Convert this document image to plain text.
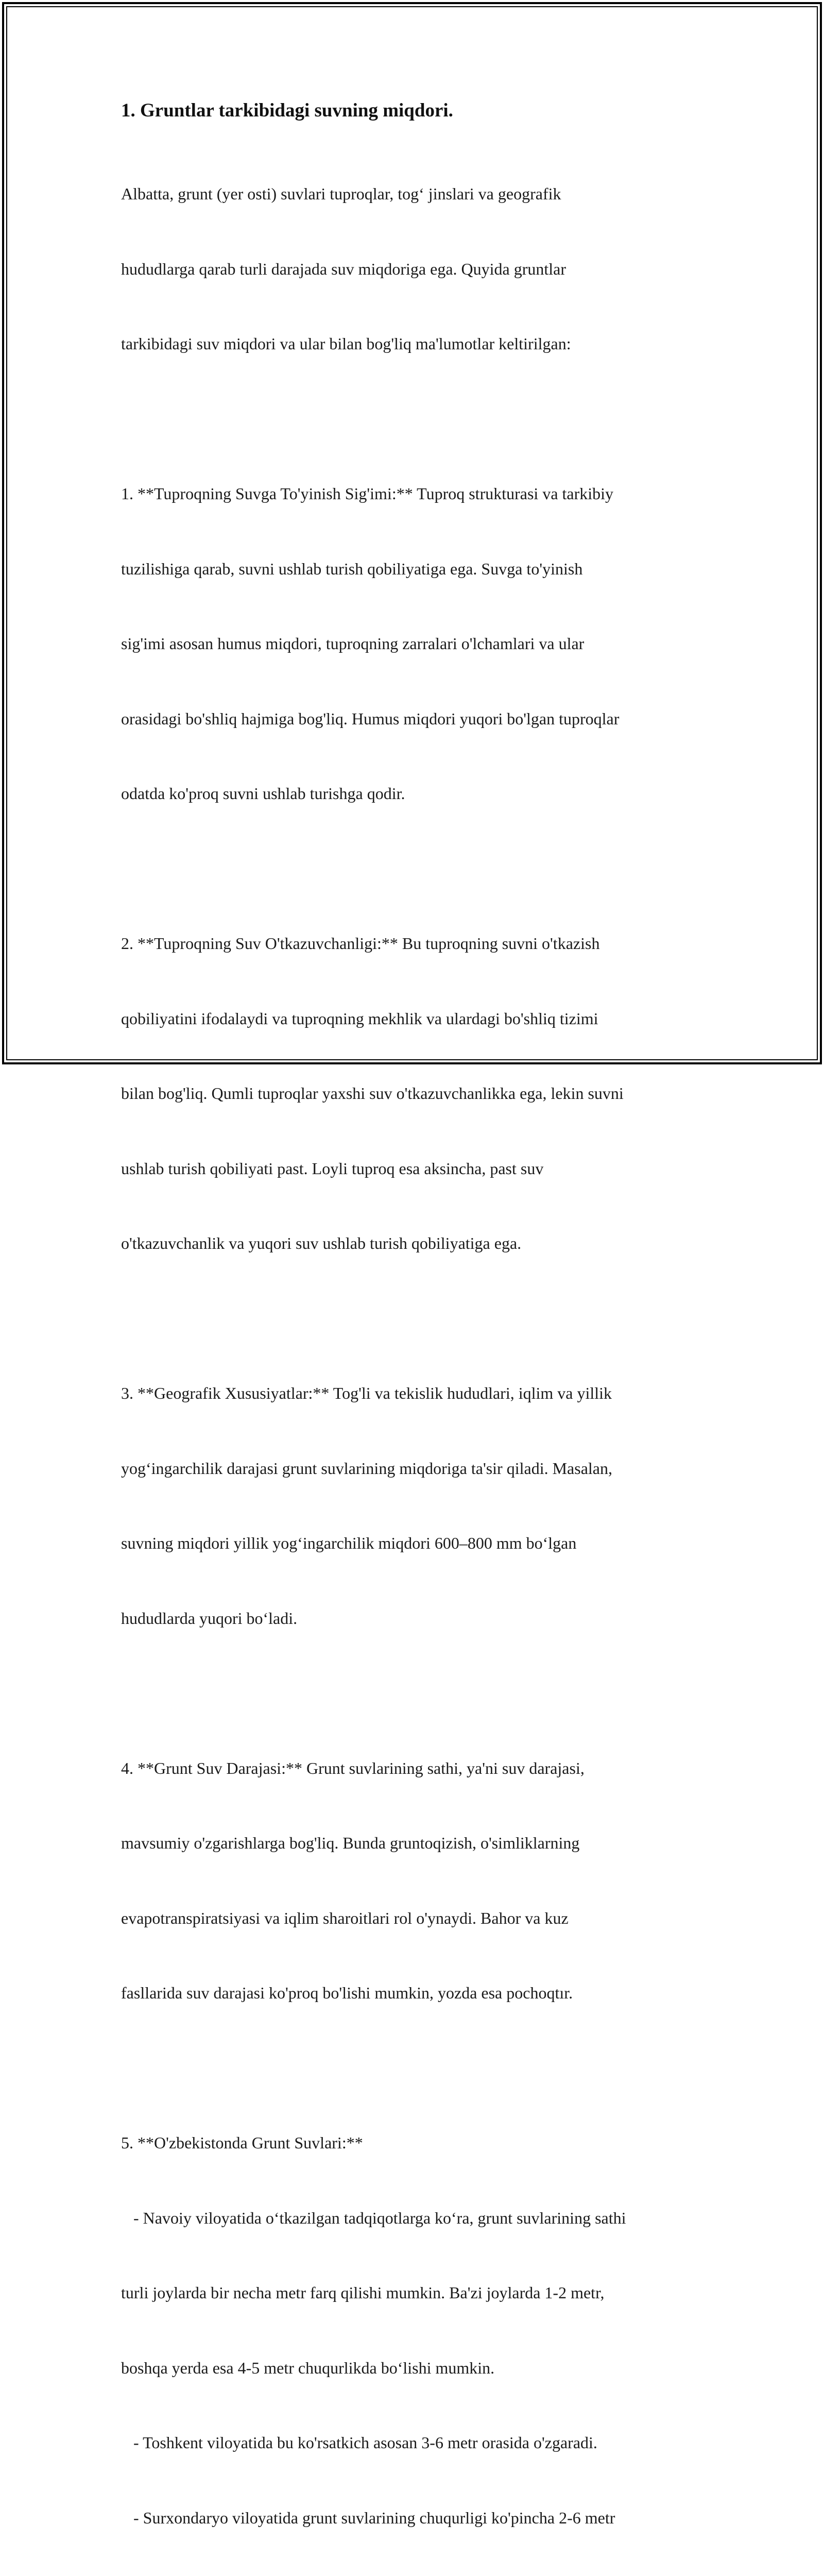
1. Gruntlar tarkibidagi suvning miqdori.

Albatta, grunt (yer osti) suvlari tuproqlar, tog‘ jinslari va geografik

hududlarga qarab turli darajada suv miqdoriga ega. Quyida gruntlar

tarkibidagi suv miqdori va ular bilan bog'liq ma'lumotlar keltirilgan:

1. **Tuproqning Suvga To'yinish Sig'imi:** Tuproq strukturasi va tarkibiy

tuzilishiga qarab, suvni ushlab turish qobiliyatiga ega. Suvga to'yinish

sig'imi asosan humus miqdori, tuproqning zarralari o'lchamlari va ular

orasidagi bo'shliq hajmiga bog'liq. Humus miqdori yuqori bo'lgan tuproqlar

odatda ko'proq suvni ushlab turishga qodir.

2. **Tuproqning Suv O'tkazuvchanligi:** Bu tuproqning suvni o'tkazish

qobiliyatini ifodalaydi va tuproqning mekhlik va ulardagi bo'shliq tizimi

bilan bog'liq. Qumli tuproqlar yaxshi suv o'tkazuvchanlikka ega, lekin suvni

ushlab turish qobiliyati past. Loyli tuproq esa aksincha, past suv

o'tkazuvchanlik va yuqori suv ushlab turish qobiliyatiga ega.

3. **Geografik Xususiyatlar:** Tog'li va tekislik hududlari, iqlim va yillik

yog‘ingarchilik darajasi grunt suvlarining miqdoriga ta'sir qiladi. Masalan,

suvning miqdori yillik yog‘ingarchilik miqdori 600–800 mm bo‘lgan

hududlarda yuqori bo‘ladi.

4. **Grunt Suv Darajasi:** Grunt suvlarining sathi, ya'ni suv darajasi,

mavsumiy o'zgarishlarga bog'liq. Bunda gruntoqizish, o'simliklarning

evapotranspiratsiyasi va iqlim sharoitlari rol o'ynaydi. Bahor va kuz

fasllarida suv darajasi ko'proq bo'lishi mumkin, yozda esa pochoqtır.

5. **O'zbekistonda Grunt Suvlari:**

- Navoiy viloyatida o‘tkazilgan tadqiqotlarga ko‘ra, grunt suvlarining sathi

turli joylarda bir necha metr farq qilishi mumkin. Ba'zi joylarda 1-2 metr,

boshqa yerda esa 4-5 metr chuqurlikda bo‘lishi mumkin.

- Toshkent viloyatida bu ko'rsatkich asosan 3-6 metr orasida o'zgaradi.

- Surxondaryo viloyatida grunt suvlarining chuqurligi ko'pincha 2-6 metr
